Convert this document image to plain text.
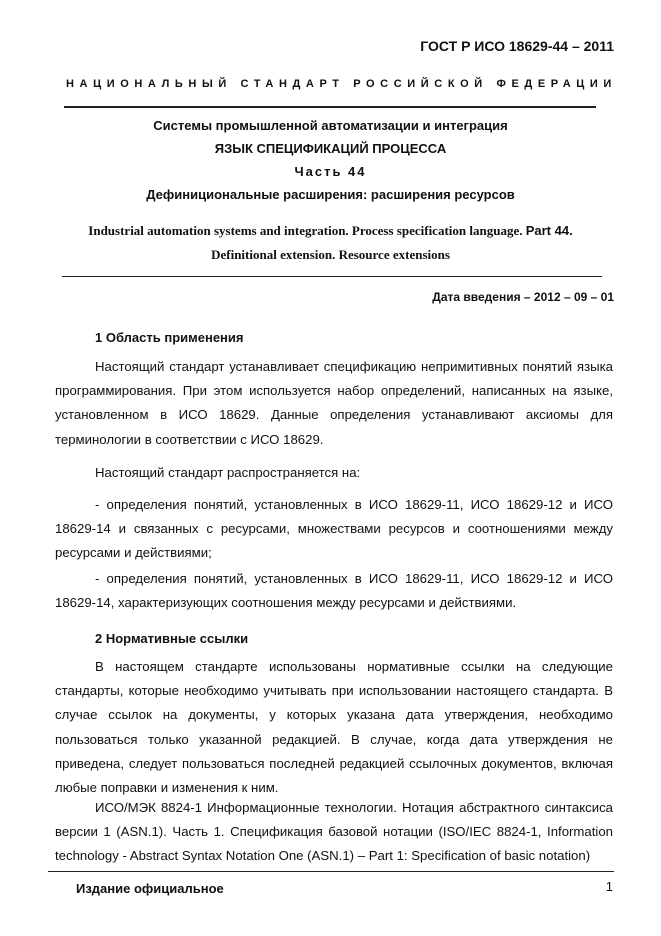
ГОСТ Р ИСО 18629-44 – 2011
НАЦИОНАЛЬНЫЙ СТАНДАРТ РОССИЙСКОЙ ФЕДЕРАЦИИ
Системы промышленной автоматизации и интеграция
ЯЗЫК СПЕЦИФИКАЦИЙ ПРОЦЕССА
Часть 44
Дефинициональные расширения: расширения ресурсов
Industrial automation systems and integration. Process specification language. Part 44.
Definitional extension. Resource extensions
Дата введения – 2012 – 09 – 01
1 Область применения
Настоящий стандарт устанавливает спецификацию непримитивных понятий языка программирования. При этом используется набор определений, написанных на языке, установленном в ИСО 18629. Данные определения устанавливают аксиомы для терминологии в соответствии с ИСО 18629.
Настоящий стандарт распространяется на:
- определения понятий, установленных в ИСО 18629-11, ИСО 18629-12 и ИСО 18629-14 и связанных с ресурсами, множествами ресурсов и соотношениями между ресурсами и действиями;
- определения понятий, установленных в ИСО 18629-11, ИСО 18629-12 и ИСО 18629-14, характеризующих соотношения между ресурсами и действиями.
2 Нормативные ссылки
В настоящем стандарте использованы нормативные ссылки на следующие стандарты, которые необходимо учитывать при использовании настоящего стандарта. В случае ссылок на документы, у которых указана дата утверждения, необходимо пользоваться только указанной редакцией. В случае, когда дата утверждения не приведена, следует пользоваться последней редакцией ссылочных документов, включая любые поправки и изменения к ним.
ИСО/МЭК 8824-1 Информационные технологии. Нотация абстрактного синтаксиса версии 1 (ASN.1). Часть 1. Спецификация базовой нотации (ISO/IEC 8824-1, Information technology - Abstract Syntax Notation One (ASN.1) – Part 1: Specification of basic notation)
Издание официальное	1
